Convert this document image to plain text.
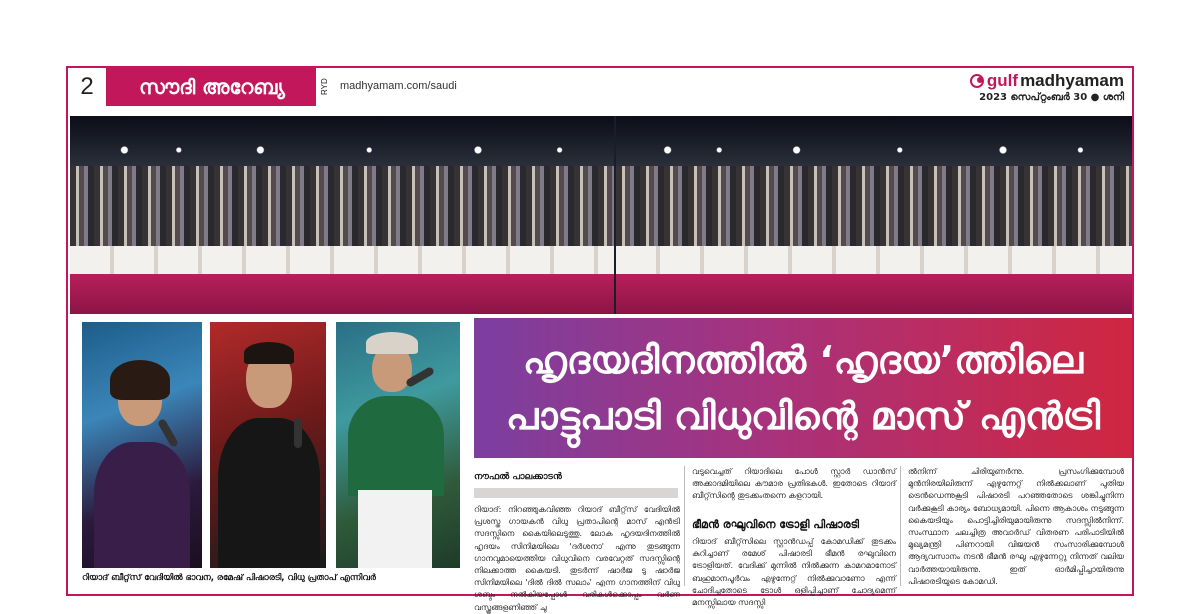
2	സൗദി അറേബ്യ	RYD	madhyamam.com/saudi	gulf madhyamam
2023 സെപ്റ്റംബർ 30 ● ശനി
റിയാദ് ബീറ്റ്‌സ് വേദിയിൽ ഭാവന, രമേഷ് പിഷാരടി, വിധു പ്രതാപ് എന്നിവർ
ഹൃദയദിനത്തിൽ ‘ഹൃദയ’ത്തിലെ
പാട്ടുപാടി വിധുവിന്റെ മാസ് എൻട്രി
നൗഫൽ പാലക്കാടൻ
റിയാദ്: നിറഞ്ഞുകവിഞ്ഞ റിയാദ് ബീറ്റ്‌സ് വേദിയിൽ പ്രശസ്ത ഗായകൻ വിധു പ്രതാപിന്റെ മാസ് എൻട്രി സദസ്സിനെ കൈയിലെടുത്തു. ലോക ഹൃദയദിനത്തിൽ ഹൃദയം സിനിമയിലെ 'ദർശനാ' എന്നു തുടങ്ങുന്ന ഗാനവുമായെത്തിയ വിധുവിനെ വരവേറ്റത് സദസ്സിന്റെ നിലക്കാത്ത കൈയടി. തുടർന്ന് ഷാർജ ടു ഷാർജ സിനിമയിലെ 'ദിൽ ദിൽ സലാം' എന്ന ഗാനത്തിന് വിധു ശബ്ദം നൽകിയപ്പോൾ വരികൾക്കൊപ്പം വർണ വസ്ത്രങ്ങളണിഞ്ഞ് ചു
വടുവെച്ചത് റിയാദിലെ പോൾ സ്റ്റാർ ഡാൻസ് അക്കാദമിയിലെ കൗമാര പ്രതിഭകൾ. ഇതോടെ റിയാദ് ബീറ്റ്‌സിന്റെ തുടക്കംതന്നെ കളറായി.
ഭീമൻ രഘുവിനെ ട്രോളി പിഷാരടി
റിയാദ് ബീറ്റ്‌സിലെ സ്റ്റാൻഡപ്പ് കോമഡിക്ക് തുടക്കം കുറിച്ചാണ് രമേശ് പിഷാരടി ഭീമൻ രഘുവിനെ ട്രോളിയത്. വേദിക്ക് മുന്നിൽ നിൽക്കുന്ന കാമറമാനോട് ബഹുമാനപൂർവം എഴുന്നേറ്റ് നിൽക്കുവാണോ എന്ന് ചോദിച്ചതോടെ ടോൾ ഒളിപ്പിച്ചാണ് ചോദ്യമെന്ന് മനസ്സിലായ സദസ്സി
ൽനിന്ന് ചിരിയുണർന്നു. പ്രസംഗിക്കുമ്പോൾ മുൻനിരയിലിരുന്ന് എഴുന്നേറ്റ് നിൽക്കലാണ് പുതിയ ട്രെൻഡെന്നുകൂടി പിഷാരടി പറഞ്ഞതോടെ ശങ്കിച്ചുനിന്ന വർക്കുകൂടി കാര്യം ബോധ്യമായി. പിന്നെ ആകാശം നടുങ്ങുന്ന കൈയടിയും പൊട്ടിച്ചിരിയുമായിരുന്നു സദസ്സിൽനിന്ന്. സംസ്ഥാന ചലച്ചിത്ര അവാർഡ് വിതരണ പരിപാടിയിൽ മുഖ്യമന്ത്രി പിണറായി വിജയൻ സംസാരിക്കുമ്പോൾ ആദ്യവസാനം നടൻ ഭീമൻ രഘു എഴുന്നേറ്റു നിന്നത് വലിയ വാർത്തയായിരുന്നു. ഇത് ഓർമിപ്പിച്ചായിരുന്നു പിഷാരടിയുടെ കോമഡി.
